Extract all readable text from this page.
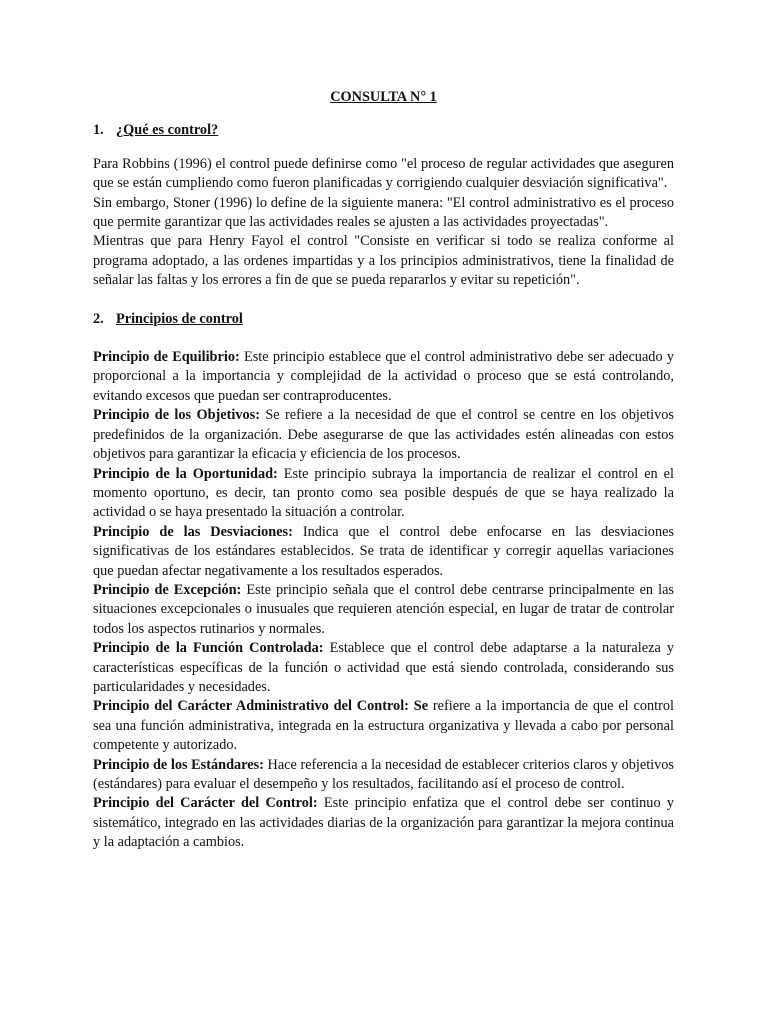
CONSULTA N° 1
1. ¿Qué es control?

Para Robbins (1996) el control puede definirse como "el proceso de regular actividades que aseguren que se están cumpliendo como fueron planificadas y corrigiendo cualquier desviación significativa".

Sin embargo, Stoner (1996) lo define de la siguiente manera: "El control administrativo es el proceso que permite garantizar que las actividades reales se ajusten a las actividades proyectadas".

Mientras que para Henry Fayol el control "Consiste en verificar si todo se realiza conforme al programa adoptado, a las ordenes impartidas y a los principios administrativos, tiene la finalidad de señalar las faltas y los errores a fin de que se pueda repararlos y evitar su repetición".

2. Principios de control

Principio de Equilibrio: Este principio establece que el control administrativo debe ser adecuado y proporcional a la importancia y complejidad de la actividad o proceso que se está controlando, evitando excesos que puedan ser contraproducentes.

Principio de los Objetivos: Se refiere a la necesidad de que el control se centre en los objetivos predefinidos de la organización. Debe asegurarse de que las actividades estén alineadas con estos objetivos para garantizar la eficacia y eficiencia de los procesos.

Principio de la Oportunidad: Este principio subraya la importancia de realizar el control en el momento oportuno, es decir, tan pronto como sea posible después de que se haya realizado la actividad o se haya presentado la situación a controlar.

Principio de las Desviaciones: Indica que el control debe enfocarse en las desviaciones significativas de los estándares establecidos. Se trata de identificar y corregir aquellas variaciones que puedan afectar negativamente a los resultados esperados.

Principio de Excepción: Este principio señala que el control debe centrarse principalmente en las situaciones excepcionales o inusuales que requieren atención especial, en lugar de tratar de controlar todos los aspectos rutinarios y normales.

Principio de la Función Controlada: Establece que el control debe adaptarse a la naturaleza y características específicas de la función o actividad que está siendo controlada, considerando sus particularidades y necesidades.

Principio del Carácter Administrativo del Control: Se refiere a la importancia de que el control sea una función administrativa, integrada en la estructura organizativa y llevada a cabo por personal competente y autorizado.

Principio de los Estándares: Hace referencia a la necesidad de establecer criterios claros y objetivos (estándares) para evaluar el desempeño y los resultados, facilitando así el proceso de control.

Principio del Carácter del Control: Este principio enfatiza que el control debe ser continuo y sistemático, integrado en las actividades diarias de la organización para garantizar la mejora continua y la adaptación a cambios.
